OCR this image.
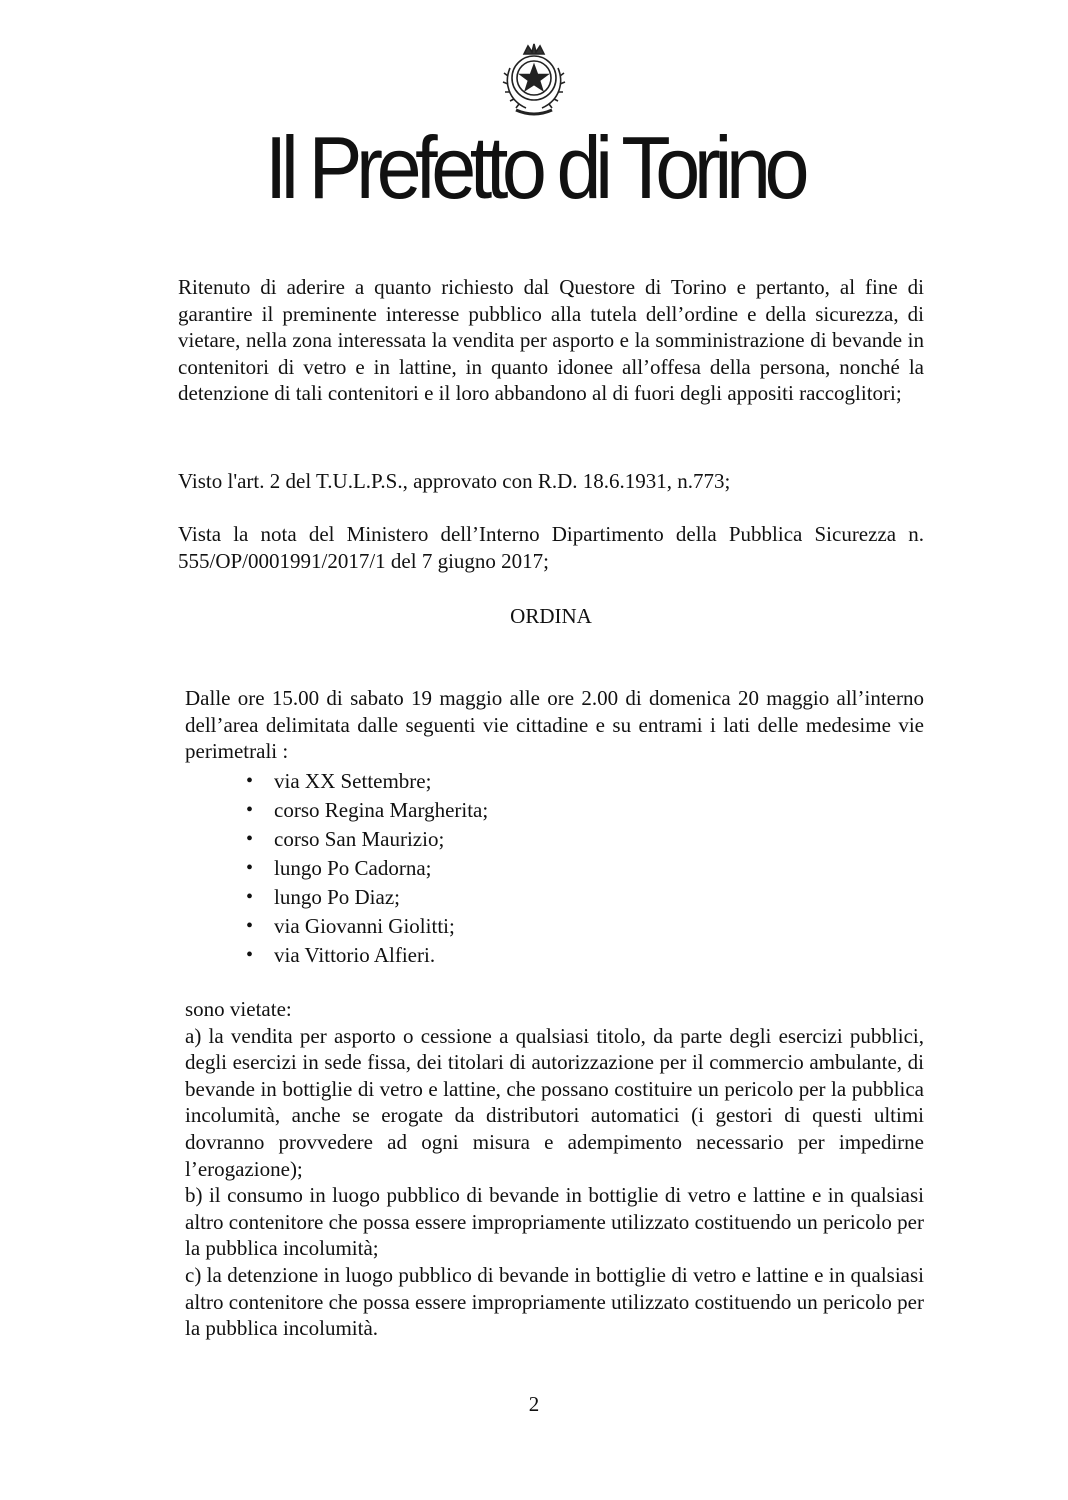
Il Prefetto di Torino
Ritenuto di aderire a quanto richiesto dal Questore di Torino e pertanto, al fine di garantire il preminente interesse pubblico alla tutela dell’ordine e della sicurezza, di vietare, nella zona interessata la vendita per asporto e la somministrazione di bevande in contenitori di vetro e in lattine, in quanto idonee all’offesa della persona, nonché la detenzione di tali contenitori e il loro abbandono al di fuori degli appositi raccoglitori;
Visto l'art. 2 del T.U.L.P.S., approvato con R.D. 18.6.1931, n.773;
Vista la nota del Ministero dell’Interno Dipartimento della Pubblica Sicurezza n. 555/OP/0001991/2017/1 del 7 giugno 2017;
ORDINA
Dalle ore 15.00 di sabato 19 maggio alle ore 2.00 di domenica 20 maggio all’interno dell’area delimitata dalle seguenti vie cittadine e su entrami i lati delle medesime vie perimetrali :
• via XX Settembre;
• corso Regina Margherita;
• corso San Maurizio;
• lungo Po Cadorna;
• lungo Po Diaz;
• via Giovanni Giolitti;
• via Vittorio Alfieri.
sono vietate:
a) la vendita per asporto o cessione a qualsiasi titolo, da parte degli esercizi pubblici, degli esercizi in sede fissa, dei titolari di autorizzazione per il commercio ambulante, di bevande in bottiglie di vetro e lattine, che possano costituire un pericolo per la pubblica incolumità, anche se erogate da distributori automatici (i gestori di questi ultimi dovranno provvedere ad ogni misura e adempimento necessario per impedirne l’erogazione);
b) il consumo in luogo pubblico di bevande in bottiglie di vetro e lattine e in qualsiasi altro contenitore che possa essere impropriamente utilizzato costituendo un pericolo per la pubblica incolumità;
c) la detenzione in luogo pubblico di bevande in bottiglie di vetro e lattine e in qualsiasi altro contenitore che possa essere impropriamente utilizzato costituendo un pericolo per la pubblica incolumità.
2
